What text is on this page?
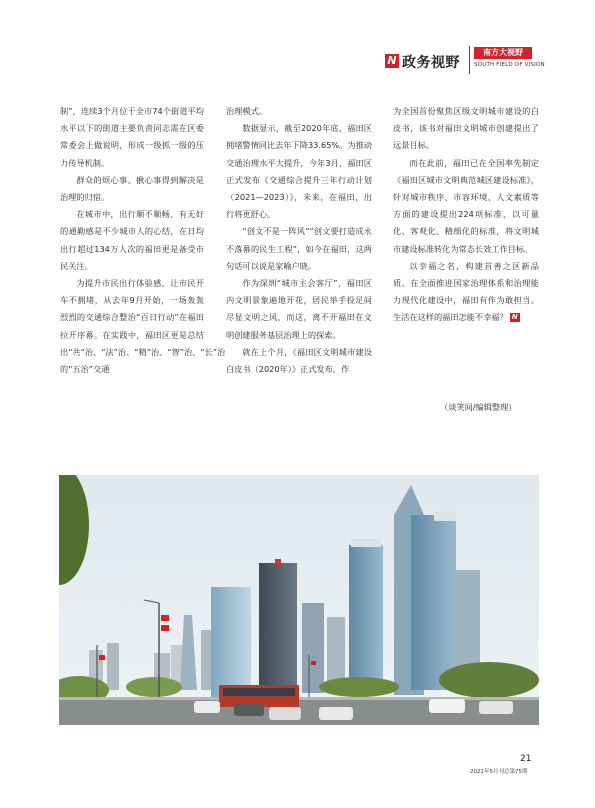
N 政务视野
南方大视野
SOUTH FIELD OF VISION

制”，连续3个月位于全市74个街道平均水平以下的街道主要负责同志需在区委常委会上做说明，形成一级抓一级的压力传导机制。

群众的烦心事、揪心事得到解决是治理的归宿。

在城市中，出行顺不顺畅、有无好的通勤感是不少城市人的心结，在日均出行超过134万人次的福田更是备受市民关注。

为提升市民出行体验感，让市民开车不拥堵，从去年9月开始，一场轰轰烈烈的交通综合整治“百日行动”在福田拉开序幕。在实践中，福田区更是总结出“共”治、“法”治、“精”治、“智”治、“长”治的“五治”交通

治理模式。

数据显示，截至2020年底，福田区拥堵警情同比去年下降33.65%。为推动交通治理水平大提升，今年3月，福田区正式发布《交通综合提升三年行动计划（2021—2023）》，未来，在福田，出行将更舒心。

“创文不是一阵风”“创文要打造成永不落幕的民生工程”，如今在福田，这两句话可以说是家喻户晓。

作为深圳“城市主会客厅”，福田区内文明景象遍地开花，居民举手投足间尽显文明之风，而这，离不开福田在文明创建服务基层治理上的探索。

就在上个月，《福田区文明城市建设白皮书（2020年）》正式发布，作

为全国首份聚焦区级文明城市建设的白皮书，该书对福田文明城市创建提出了远景目标。

而在此前，福田已在全国率先制定《福田区城市文明典范城区建设标准》，针对城市秩序、市容环境、人文素质等方面的建设提出224项标准，以可量化、客观化、精细化的标准，将文明城市建设标准转化为常态长效工作目标。

以幸福之名，构建首善之区新品质。在全面推进国家治理体系和治理能力现代化建设中，福田有作为敢担当。生活在这样的福田怎能不幸福？ N

（谈笑间/编辑整理）
21
2021年5月刊总第75期
